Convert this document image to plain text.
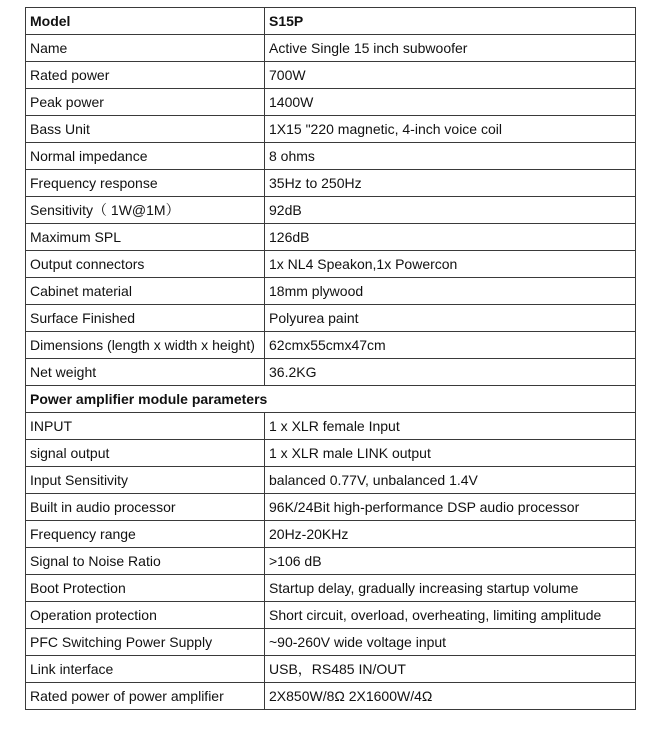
Model	S15P
Name	Active Single 15 inch subwoofer
Rated power	700W
Peak power	1400W
Bass Unit	1X15 "220 magnetic, 4-inch voice coil
Normal impedance	8 ohms
Frequency response	35Hz to 250Hz
Sensitivity（ 1W@1M）	92dB
Maximum SPL	126dB
Output connectors	1x NL4 Speakon,1x Powercon
Cabinet material	18mm plywood
Surface Finished	Polyurea paint
Dimensions (length x width x height)	62cmx55cmx47cm
Net weight	36.2KG
Power amplifier module parameters	
INPUT	1 x XLR female Input
signal output	1 x XLR male LINK output
Input Sensitivity	balanced 0.77V, unbalanced 1.4V
Built in audio processor	96K/24Bit high-performance DSP audio processor
Frequency range	20Hz-20KHz
Signal to Noise Ratio	>106 dB
Boot Protection	Startup delay, gradually increasing startup volume
Operation protection	Short circuit, overload, overheating, limiting amplitude
PFC Switching Power Supply	~90-260V wide voltage input
Link interface	USB，RS485 IN/OUT
Rated power of power amplifier	2X850W/8Ω 2X1600W/4Ω
